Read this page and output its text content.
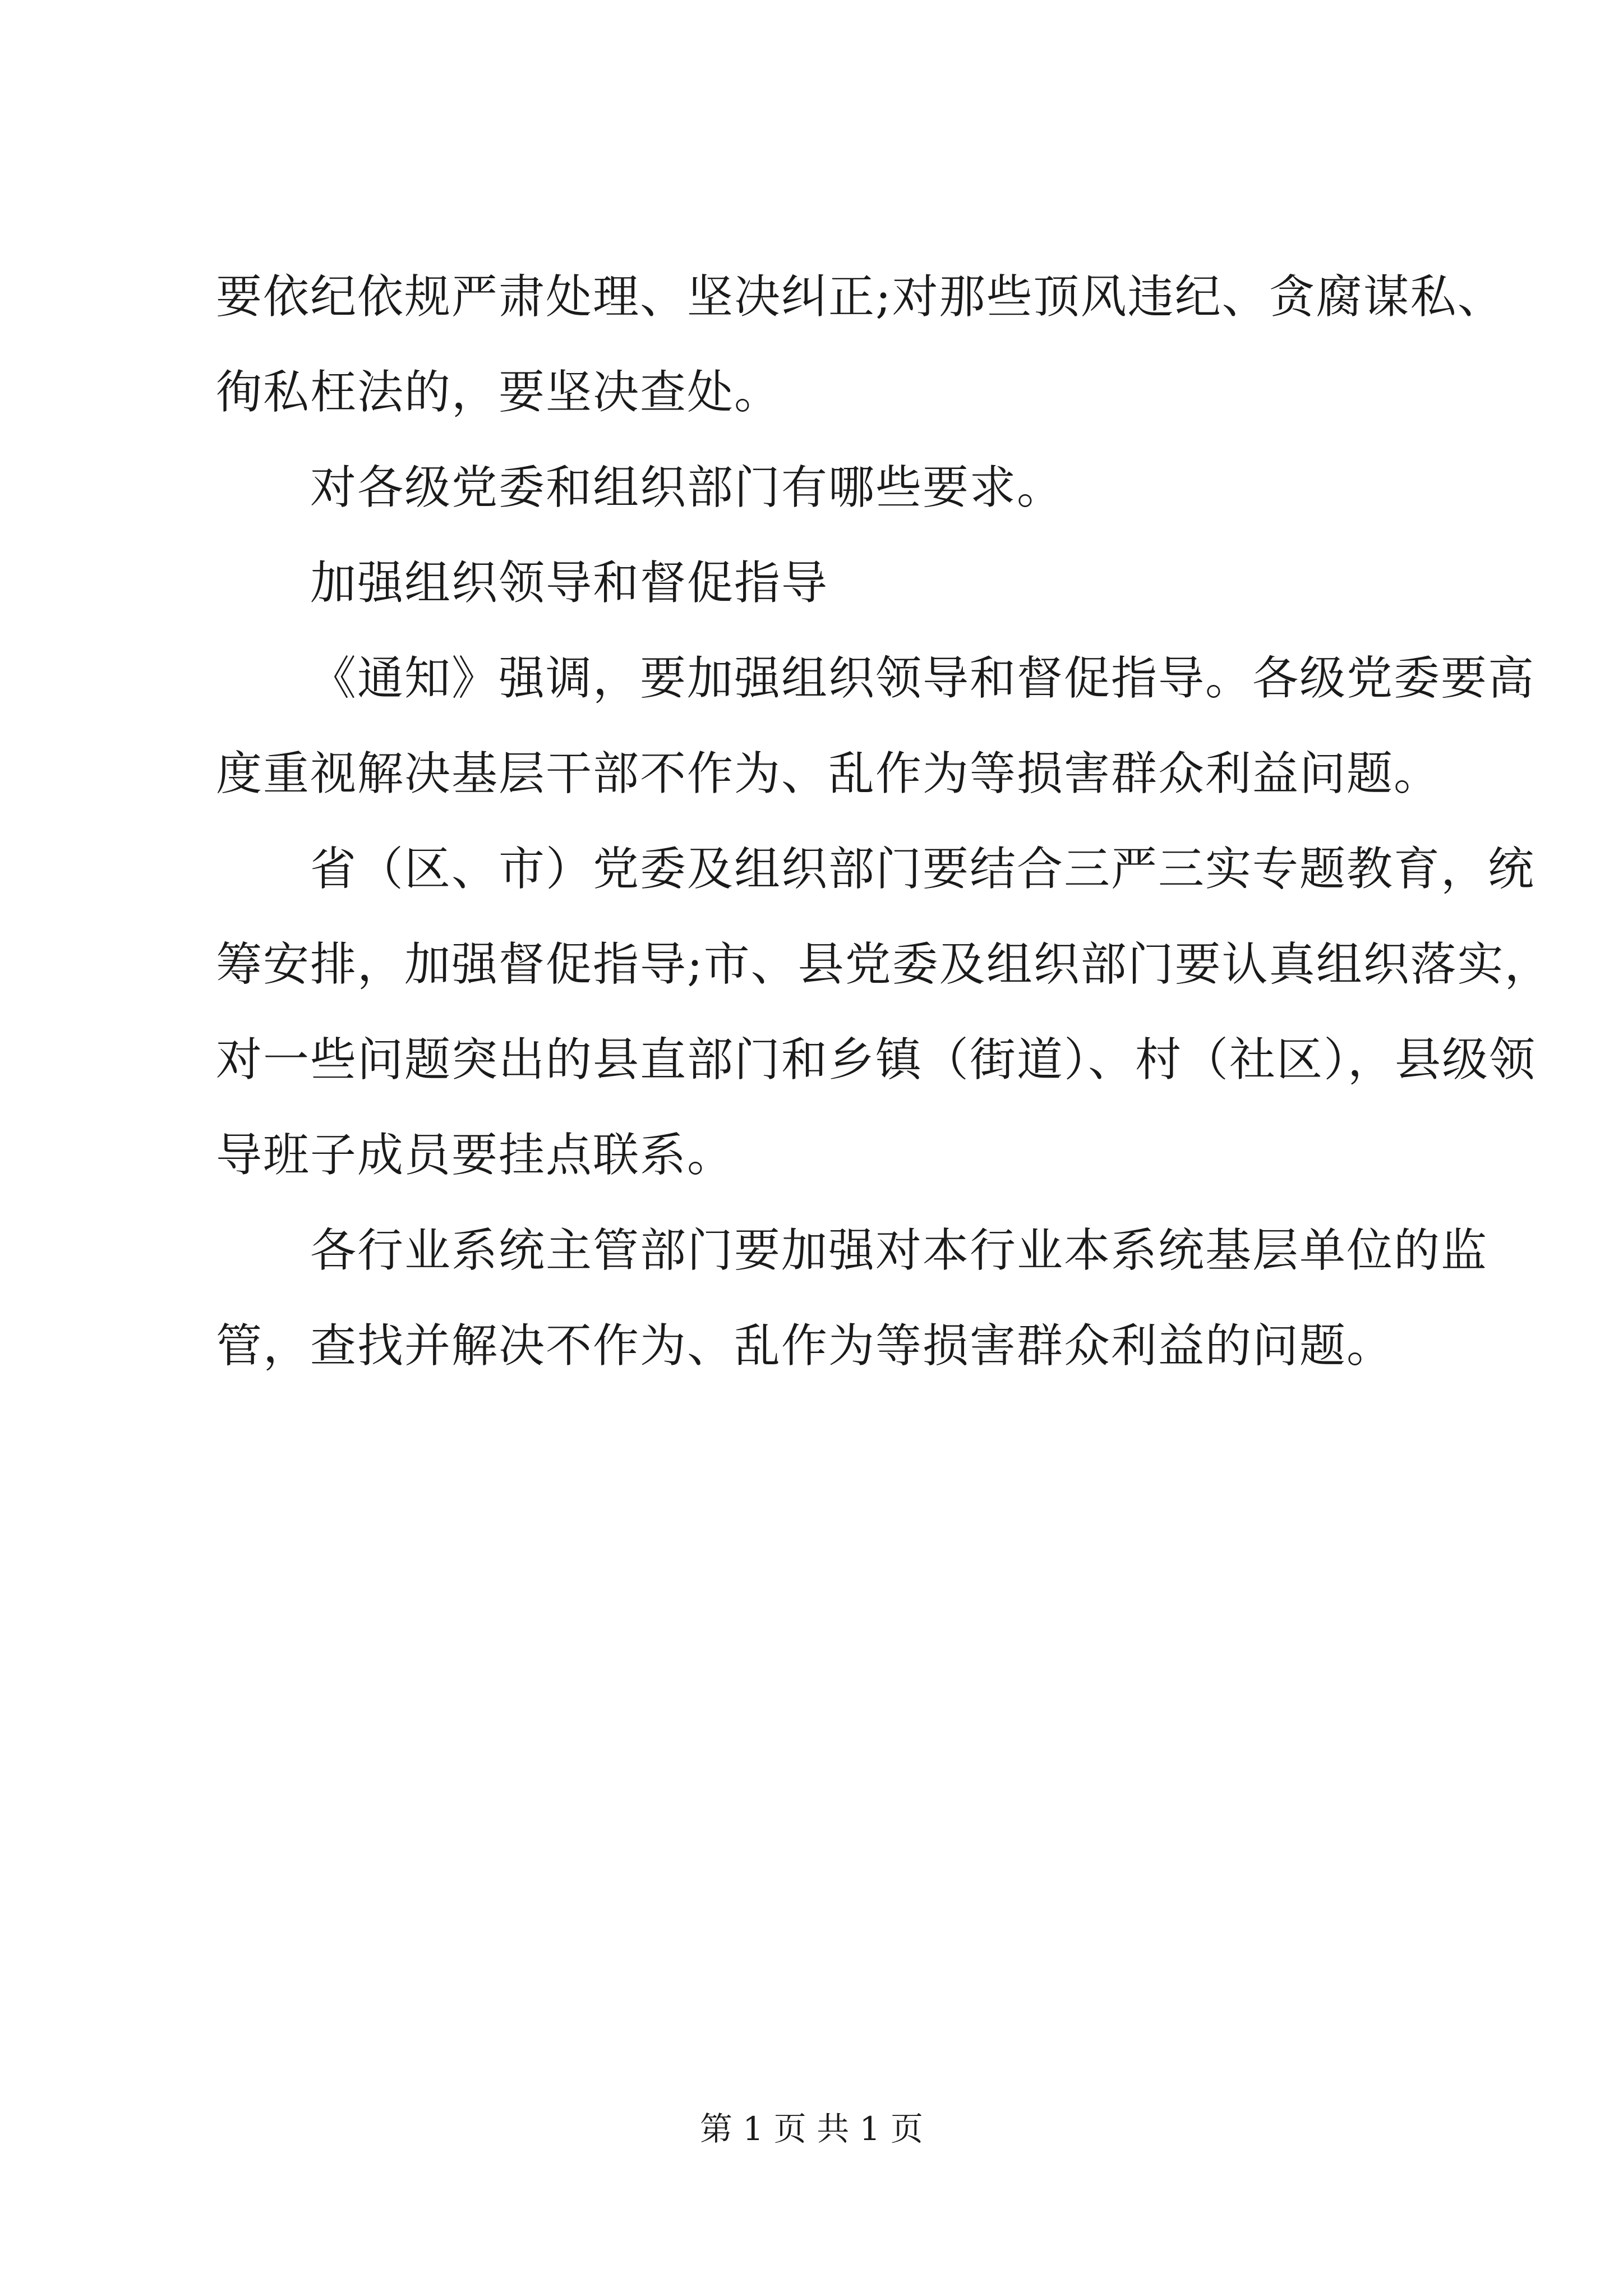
要依纪依规严肃处理、坚决纠正;对那些顶风违纪、贪腐谋私、
徇私枉法的，要坚决查处。
对各级党委和组织部门有哪些要求。
加强组织领导和督促指导
《通知》强调，要加强组织领导和督促指导。各级党委要高
度重视解决基层干部不作为、乱作为等损害群众利益问题。
省（区、市）党委及组织部门要结合三严三实专题教育，统
筹安排，加强督促指导;市、县党委及组织部门要认真组织落实，
对一些问题突出的县直部门和乡镇（街道）、村（社区），县级领
导班子成员要挂点联系。
各行业系统主管部门要加强对本行业本系统基层单位的监
管，查找并解决不作为、乱作为等损害群众利益的问题。
第 1 页 共 1 页
